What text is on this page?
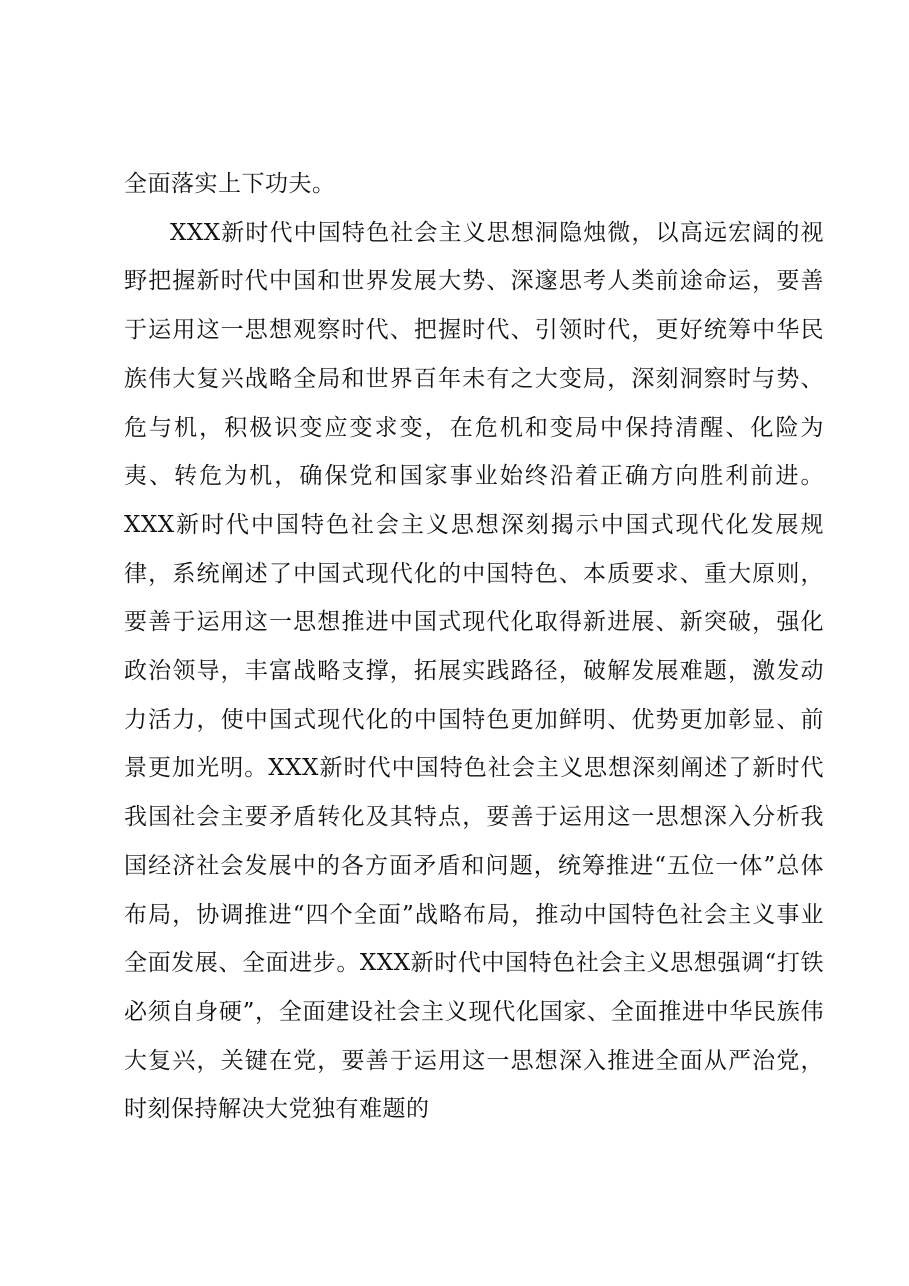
全面落实上下功夫。

XXX新时代中国特色社会主义思想洞隐烛微，以高远宏阔的视野把握新时代中国和世界发展大势、深邃思考人类前途命运，要善于运用这一思想观察时代、把握时代、引领时代，更好统筹中华民族伟大复兴战略全局和世界百年未有之大变局，深刻洞察时与势、危与机，积极识变应变求变，在危机和变局中保持清醒、化险为夷、转危为机，确保党和国家事业始终沿着正确方向胜利前进。XXX新时代中国特色社会主义思想深刻揭示中国式现代化发展规律，系统阐述了中国式现代化的中国特色、本质要求、重大原则，要善于运用这一思想推进中国式现代化取得新进展、新突破，强化政治领导，丰富战略支撑，拓展实践路径，破解发展难题，激发动力活力，使中国式现代化的中国特色更加鲜明、优势更加彰显、前景更加光明。XXX新时代中国特色社会主义思想深刻阐述了新时代我国社会主要矛盾转化及其特点，要善于运用这一思想深入分析我国经济社会发展中的各方面矛盾和问题，统筹推进“五位一体”总体布局，协调推进“四个全面”战略布局，推动中国特色社会主义事业全面发展、全面进步。XXX新时代中国特色社会主义思想强调“打铁必须自身硬”，全面建设社会主义现代化国家、全面推进中华民族伟大复兴，关键在党，要善于运用这一思想深入推进全面从严治党，时刻保持解决大党独有难题的
